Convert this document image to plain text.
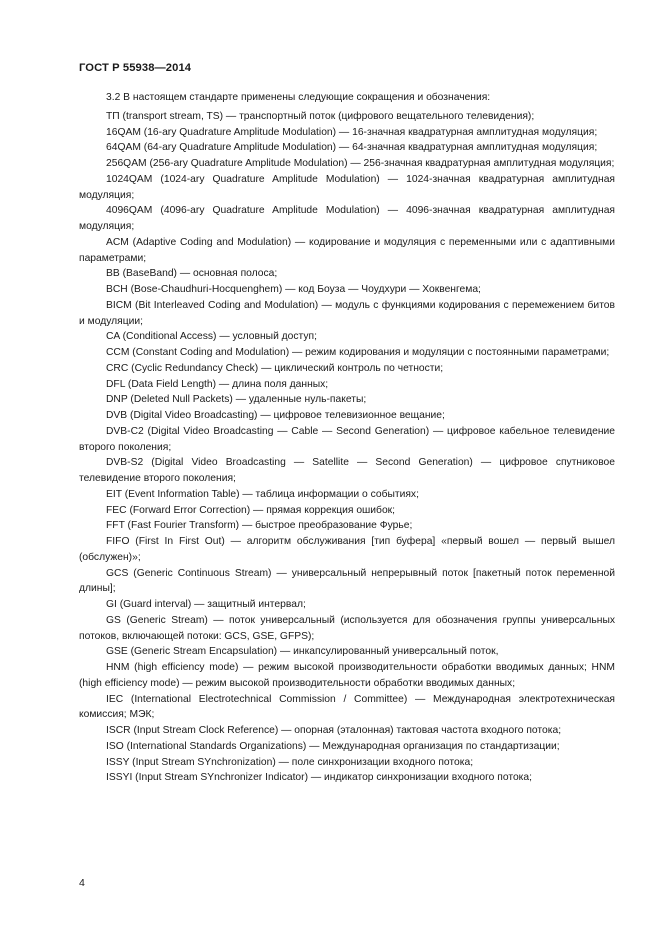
ГОСТ Р 55938—2014

3.2 В настоящем стандарте применены следующие сокращения и обозначения:

ТП (transport stream, TS) — транспортный поток (цифрового вещательного телевидения);

16QAM (16-ary Quadrature Amplitude Modulation) — 16-значная квадратурная амплитудная модуляция;

64QAM (64-ary Quadrature Amplitude Modulation) — 64-значная квадратурная амплитудная модуляция;

256QAM (256-ary Quadrature Amplitude Modulation) — 256-значная квадратурная амплитудная модуляция;

1024QAM (1024-ary Quadrature Amplitude Modulation) — 1024-значная квадратурная амплитудная модуляция;

4096QAM (4096-ary Quadrature Amplitude Modulation) — 4096-значная квадратурная амплитудная модуляция;

ACM (Adaptive Coding and Modulation) — кодирование и модуляция с переменными или с адаптивными параметрами;

BB (BaseBand) — основная полоса;

BCH (Bose-Chaudhuri-Hocquenghem) — код Боуза — Чоудхури — Хоквенгема;

BICM (Bit Interleaved Coding and Modulation) — модуль с функциями кодирования с перемежением битов и модуляции;

CA (Conditional Access) — условный доступ;

CCM (Constant Coding and Modulation) — режим кодирования и модуляции с постоянными параметрами;

CRC (Cyclic Redundancy Check) — циклический контроль по четности;

DFL (Data Field Length) — длина поля данных;

DNP (Deleted Null Packets) — удаленные нуль-пакеты;

DVB (Digital Video Broadcasting) — цифровое телевизионное вещание;

DVB-C2 (Digital Video Broadcasting — Cable — Second Generation) — цифровое кабельное телевидение второго поколения;

DVB-S2 (Digital Video Broadcasting — Satellite — Second Generation) — цифровое спутниковое телевидение второго поколения;

EIT (Event Information Table) — таблица информации о событиях;

FEC (Forward Error Correction) — прямая коррекция ошибок;

FFT (Fast Fourier Transform) — быстрое преобразование Фурье;

FIFO (First In First Out) — алгоритм обслуживания [тип буфера] «первый вошел — первый вышел (обслужен)»;

GCS (Generic Continuous Stream) — универсальный непрерывный поток [пакетный поток переменной длины];

GI (Guard interval) — защитный интервал;

GS (Generic Stream) — поток универсальный (используется для обозначения группы универсальных потоков, включающей потоки: GCS, GSE, GFPS);

GSE (Generic Stream Encapsulation) — инкапсулированный универсальный поток,

HNM (high efficiency mode) — режим высокой производительности обработки вводимых данных; HNM (high efficiency mode) — режим высокой производительности обработки вводимых данных;

IEC (International Electrotechnical Commission / Committee) — Международная электротехническая комиссия; МЭК;

ISCR (Input Stream Clock Reference) — опорная (эталонная) тактовая частота входного потока;

ISO (International Standards Organizations) — Международная организация по стандартизации;

ISSY (Input Stream SYnchronization) — поле синхронизации входного потока;

ISSYI (Input Stream SYnchronizer Indicator) — индикатор синхронизации входного потока;

4
